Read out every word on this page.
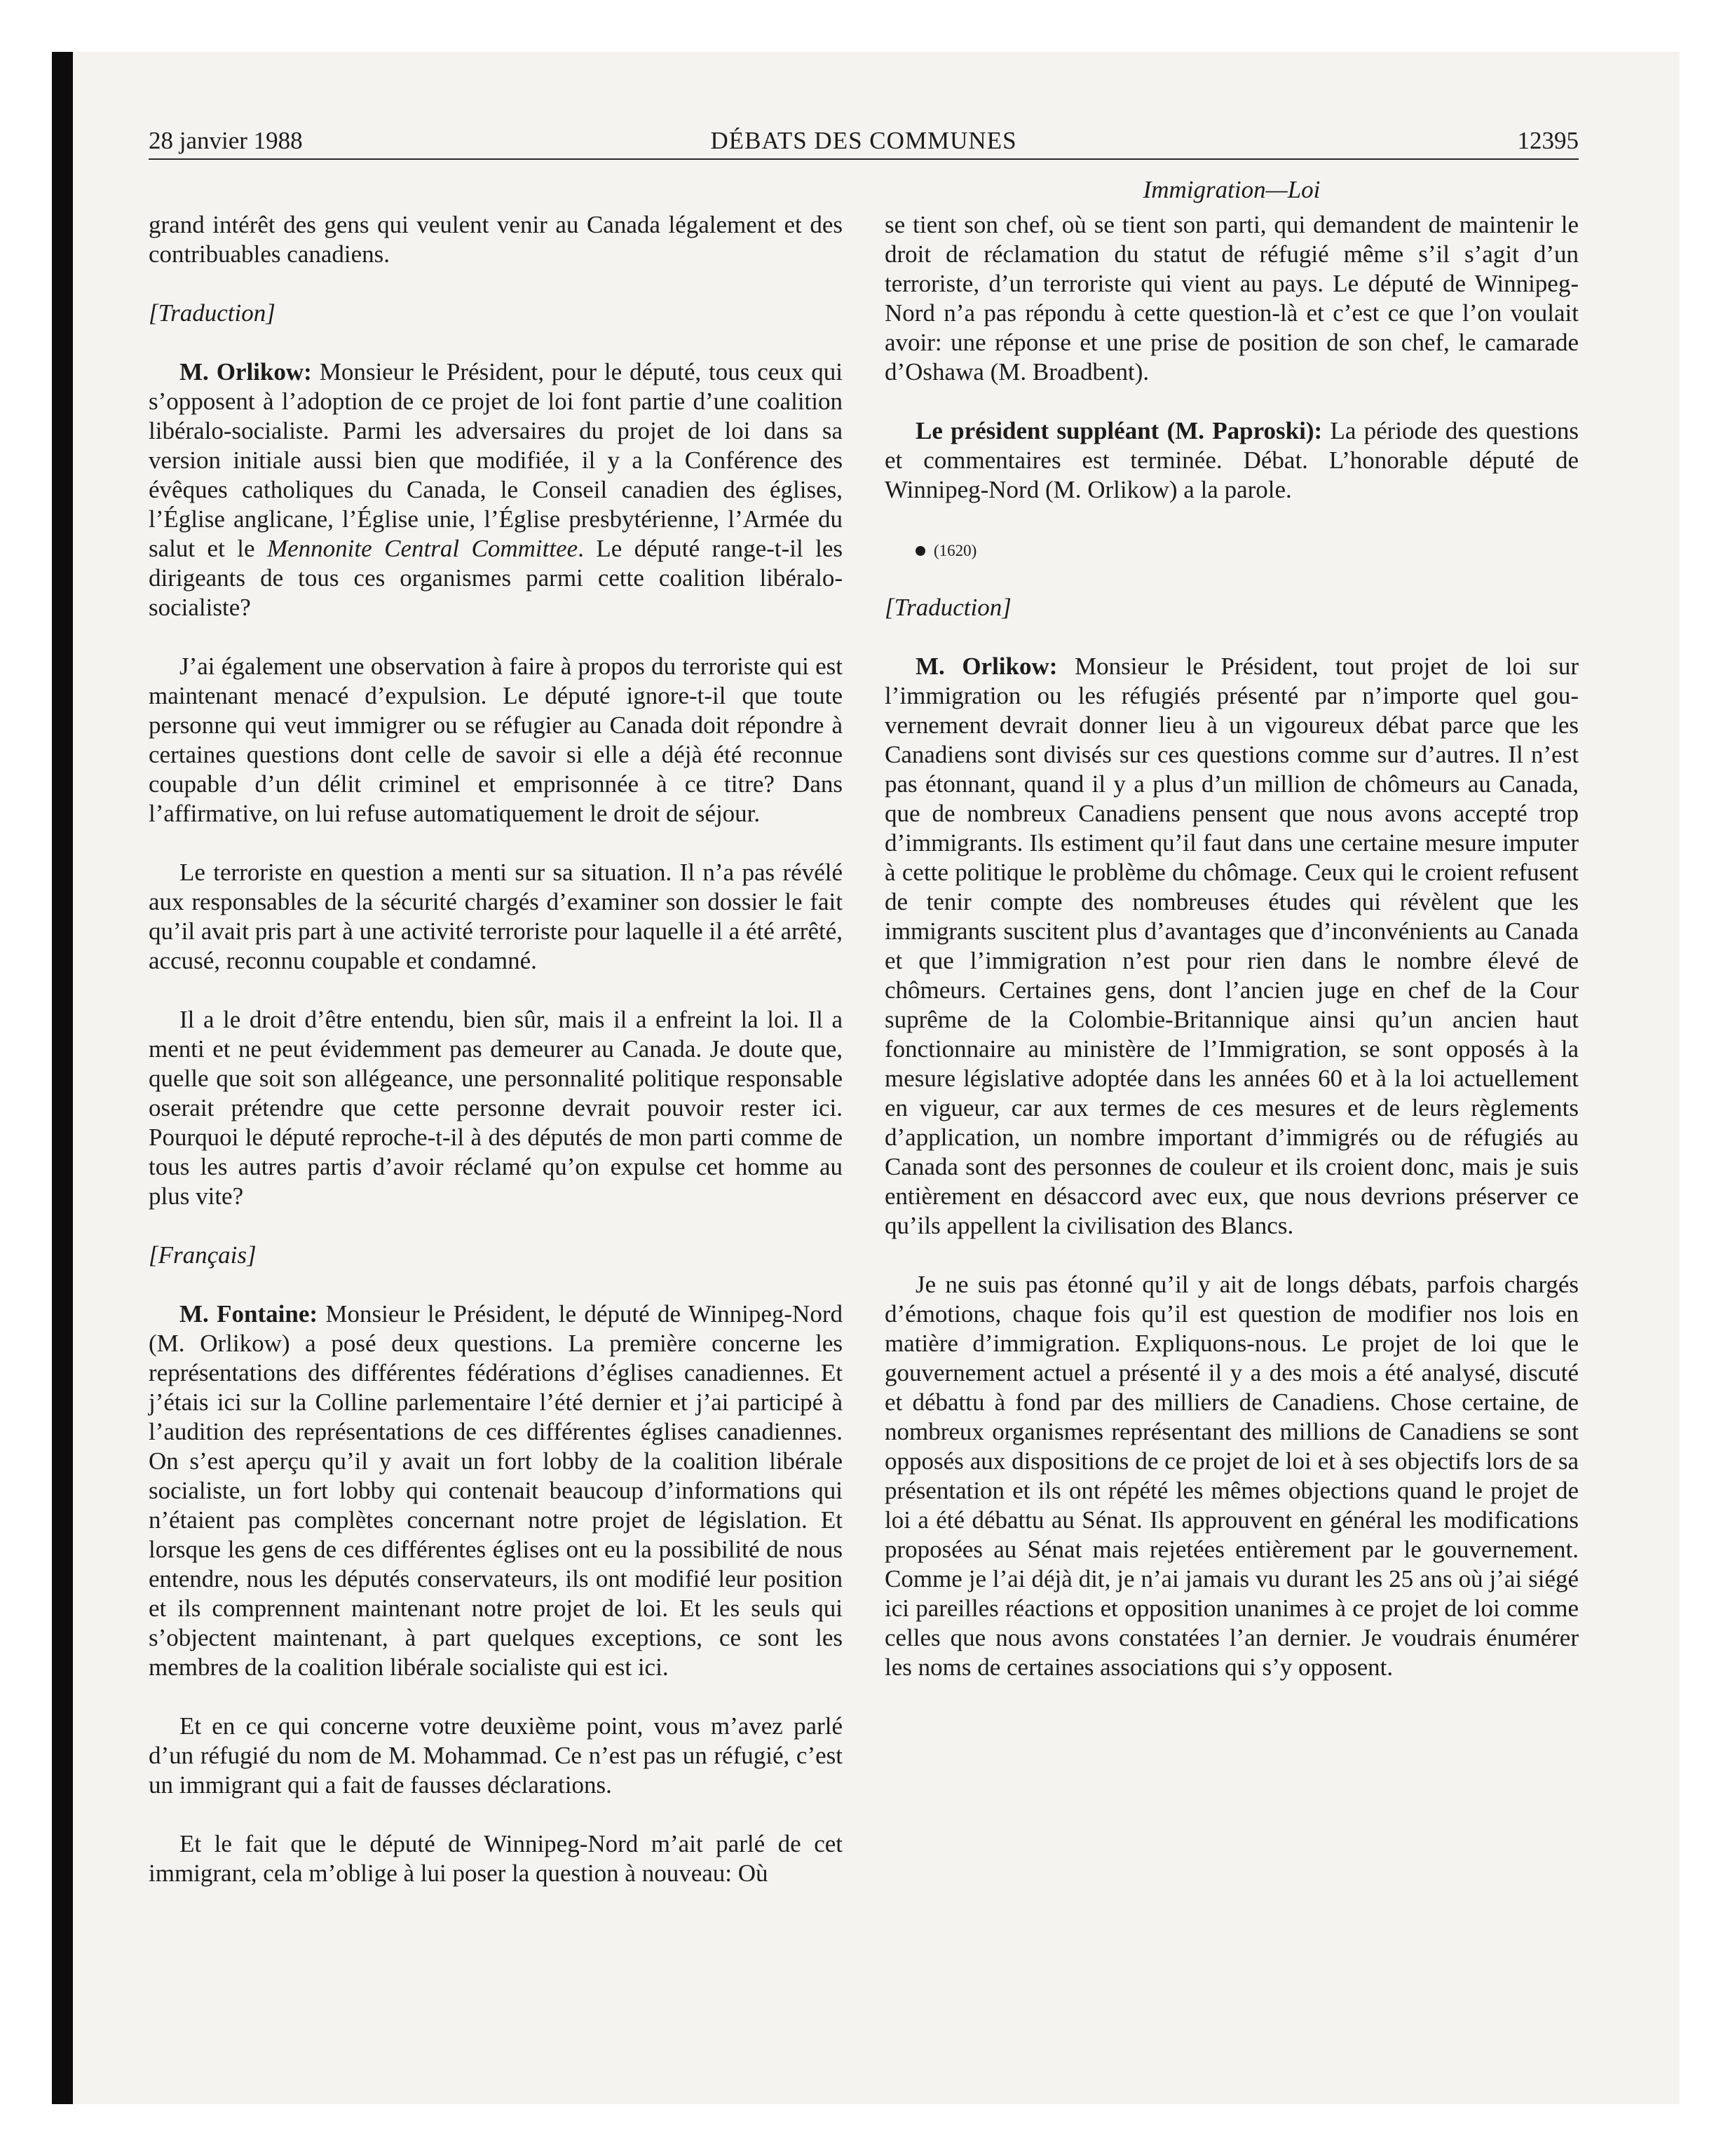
28 janvier 1988	DÉBATS DES COMMUNES	12395
Immigration—Loi

grand intérêt des gens qui veulent venir au Canada légalement et des contribuables canadiens.

[Traduction]

M. Orlikow: Monsieur le Président, pour le député, tous ceux qui s’opposent à l’adoption de ce projet de loi font partie d’une coalition libéralo-socialiste. Parmi les adversaires du projet de loi dans sa version initiale aussi bien que modifiée, il y a la Conférence des évêques catholiques du Canada, le Conseil canadien des églises, l’Église anglicane, l’Église unie, l’Église presbytérienne, l’Armée du salut et le Mennonite Central Committee. Le député range-t-il les dirigeants de tous ces organismes parmi cette coalition libéralo-socialiste?

J’ai également une observation à faire à propos du terroriste qui est maintenant menacé d’expulsion. Le député ignore-t-il que toute personne qui veut immigrer ou se réfugier au Canada doit répondre à certaines questions dont celle de savoir si elle a déjà été reconnue coupable d’un délit criminel et emprisonnée à ce titre? Dans l’affirmative, on lui refuse automatiquement le droit de séjour.

Le terroriste en question a menti sur sa situation. Il n’a pas révélé aux responsables de la sécurité chargés d’examiner son dossier le fait qu’il avait pris part à une activité terroriste pour laquelle il a été arrêté, accusé, reconnu coupable et condamné.

Il a le droit d’être entendu, bien sûr, mais il a enfreint la loi. Il a menti et ne peut évidemment pas demeurer au Canada. Je doute que, quelle que soit son allégeance, une personnalité politique responsable oserait prétendre que cette personne devrait pouvoir rester ici. Pourquoi le député reproche-t-il à des députés de mon parti comme de tous les autres partis d’avoir réclamé qu’on expulse cet homme au plus vite?

[Français]

M. Fontaine: Monsieur le Président, le député de Winnipeg-Nord (M. Orlikow) a posé deux questions. La première concerne les représentations des différentes fédérations d’églises canadiennes. Et j’étais ici sur la Colline parlementaire l’été dernier et j’ai participé à l’audition des représentations de ces différentes églises canadiennes. On s’est aperçu qu’il y avait un fort lobby de la coalition libérale socialiste, un fort lobby qui contenait beaucoup d’informations qui n’étaient pas complètes concernant notre projet de législation. Et lorsque les gens de ces différentes églises ont eu la possibilité de nous entendre, nous les députés conservateurs, ils ont modifié leur position et ils comprennent maintenant notre projet de loi. Et les seuls qui s’objectent maintenant, à part quelques exceptions, ce sont les membres de la coalition libérale socialiste qui est ici.

Et en ce qui concerne votre deuxième point, vous m’avez parlé d’un réfugié du nom de M. Mohammad. Ce n’est pas un réfugié, c’est un immigrant qui a fait de fausses déclarations.

Et le fait que le député de Winnipeg-Nord m’ait parlé de cet immigrant, cela m’oblige à lui poser la question à nouveau: Où

se tient son chef, où se tient son parti, qui demandent de maintenir le droit de réclamation du statut de réfugié même s’il s’agit d’un terroriste, d’un terroriste qui vient au pays. Le député de Winnipeg-Nord n’a pas répondu à cette question-là et c’est ce que l’on voulait avoir: une réponse et une prise de position de son chef, le camarade d’Oshawa (M. Broadbent).

Le président suppléant (M. Paproski): La période des questions et commentaires est terminée. Débat. L’honorable député de Winnipeg-Nord (M. Orlikow) a la parole.

(1620)

[Traduction]

M. Orlikow: Monsieur le Président, tout projet de loi sur l’immigration ou les réfugiés présenté par n’importe quel gouvernement devrait donner lieu à un vigoureux débat parce que les Canadiens sont divisés sur ces questions comme sur d’autres. Il n’est pas étonnant, quand il y a plus d’un million de chômeurs au Canada, que de nombreux Canadiens pensent que nous avons accepté trop d’immigrants. Ils estiment qu’il faut dans une certaine mesure imputer à cette politique le problème du chômage. Ceux qui le croient refusent de tenir compte des nombreuses études qui révèlent que les immigrants suscitent plus d’avantages que d’inconvénients au Canada et que l’immigration n’est pour rien dans le nombre élevé de chômeurs. Certaines gens, dont l’ancien juge en chef de la Cour suprême de la Colombie-Britannique ainsi qu’un ancien haut fonctionnaire au ministère de l’Immigration, se sont opposés à la mesure législative adoptée dans les années 60 et à la loi actuellement en vigueur, car aux termes de ces mesures et de leurs règlements d’application, un nombre important d’immigrés ou de réfugiés au Canada sont des personnes de couleur et ils croient donc, mais je suis entièrement en désaccord avec eux, que nous devrions préserver ce qu’ils appellent la civilisation des Blancs.

Je ne suis pas étonné qu’il y ait de longs débats, parfois chargés d’émotions, chaque fois qu’il est question de modifier nos lois en matière d’immigration. Expliquons-nous. Le projet de loi que le gouvernement actuel a présenté il y a des mois a été analysé, discuté et débattu à fond par des milliers de Canadiens. Chose certaine, de nombreux organismes représentant des millions de Canadiens se sont opposés aux dispositions de ce projet de loi et à ses objectifs lors de sa présentation et ils ont répété les mêmes objections quand le projet de loi a été débattu au Sénat. Ils approuvent en général les modifications proposées au Sénat mais rejetées entièrement par le gouvernement. Comme je l’ai déjà dit, je n’ai jamais vu durant les 25 ans où j’ai siégé ici pareilles réactions et opposition unanimes à ce projet de loi comme celles que nous avons constatées l’an dernier. Je voudrais énumérer les noms de certaines associations qui s’y opposent.
